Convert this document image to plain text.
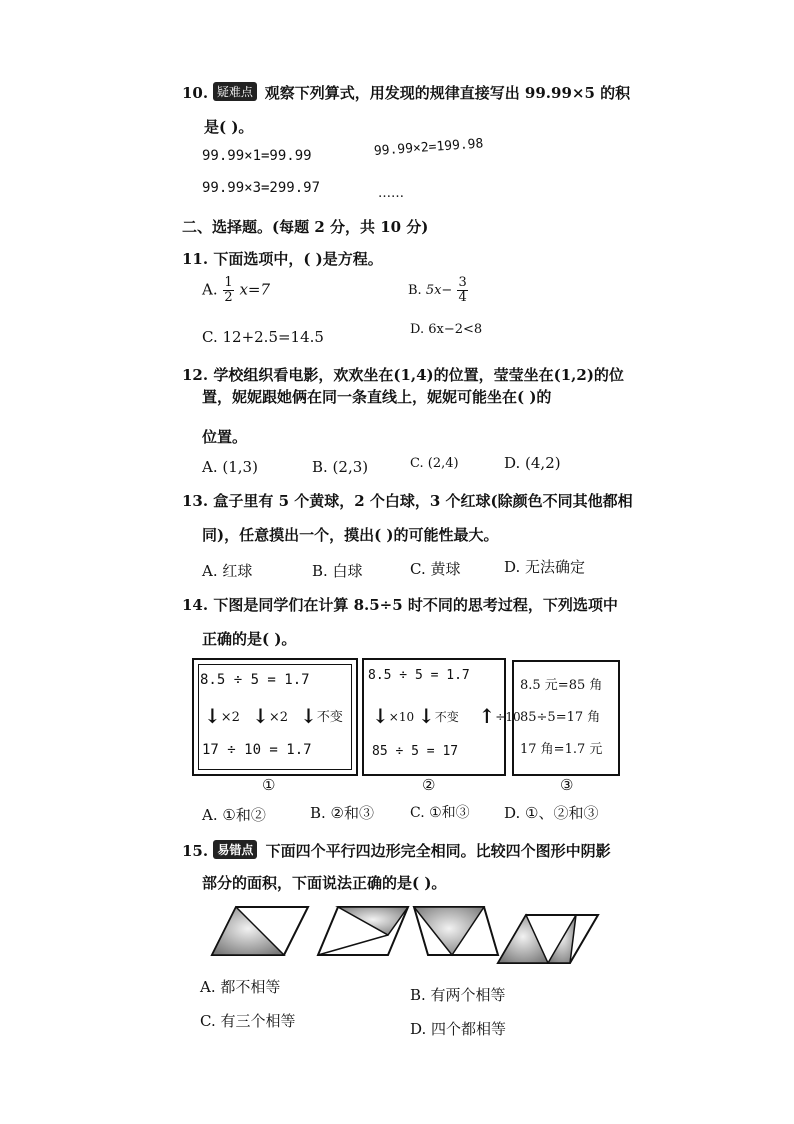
10. 疑难点 观察下列算式，用发现的规律直接写出 99.99×5 的积
是( )。
99.99×1=99.99	99.99×2=199.98
99.99×3=299.97	……
二、选择题。(每题 2 分，共 10 分)
11. 下面选项中，( )是方程。
A. $\frac{1}{2} x=7$	B. $5x- \frac{3}{4}$
C. 12+2.5=14.5	D. 6x−2<8
12. 学校组织看电影，欢欢坐在(1,4)的位置，莹莹坐在(1,2)的位
置，妮妮跟她俩在同一条直线上，妮妮可能坐在( )的
位置。
A. (1,3)	B. (2,3)	C. (2,4)	D. (4,2)
13. 盒子里有 5 个黄球，2 个白球，3 个红球(除颜色不同其他都相
同)，任意摸出一个，摸出( )的可能性最大。
A. 红球	B. 白球	C. 黄球	D. 无法确定
14. 下图是同学们在计算 8.5÷5 时不同的思考过程，下列选项中
正确的是( )。
8.5 ÷ 5 = 1.7
↓×2 ↓×2 ↓不变
17 ÷ 10 = 1.7
①
8.5 ÷ 5 = 1.7
↓×10 ↓不变 ↑÷10
85 ÷ 5 = 17
②
8.5 元=85 角
85÷5=17 角
17 角=1.7 元
③
A. ①和②	B. ②和③	C. ①和③ D. ①、②和③
15. 易错点 下面四个平行四边形完全相同。比较四个图形中阴影
部分的面积，下面说法正确的是( )。
A. 都不相等	B. 有两个相等
C. 有三个相等	D. 四个都相等
